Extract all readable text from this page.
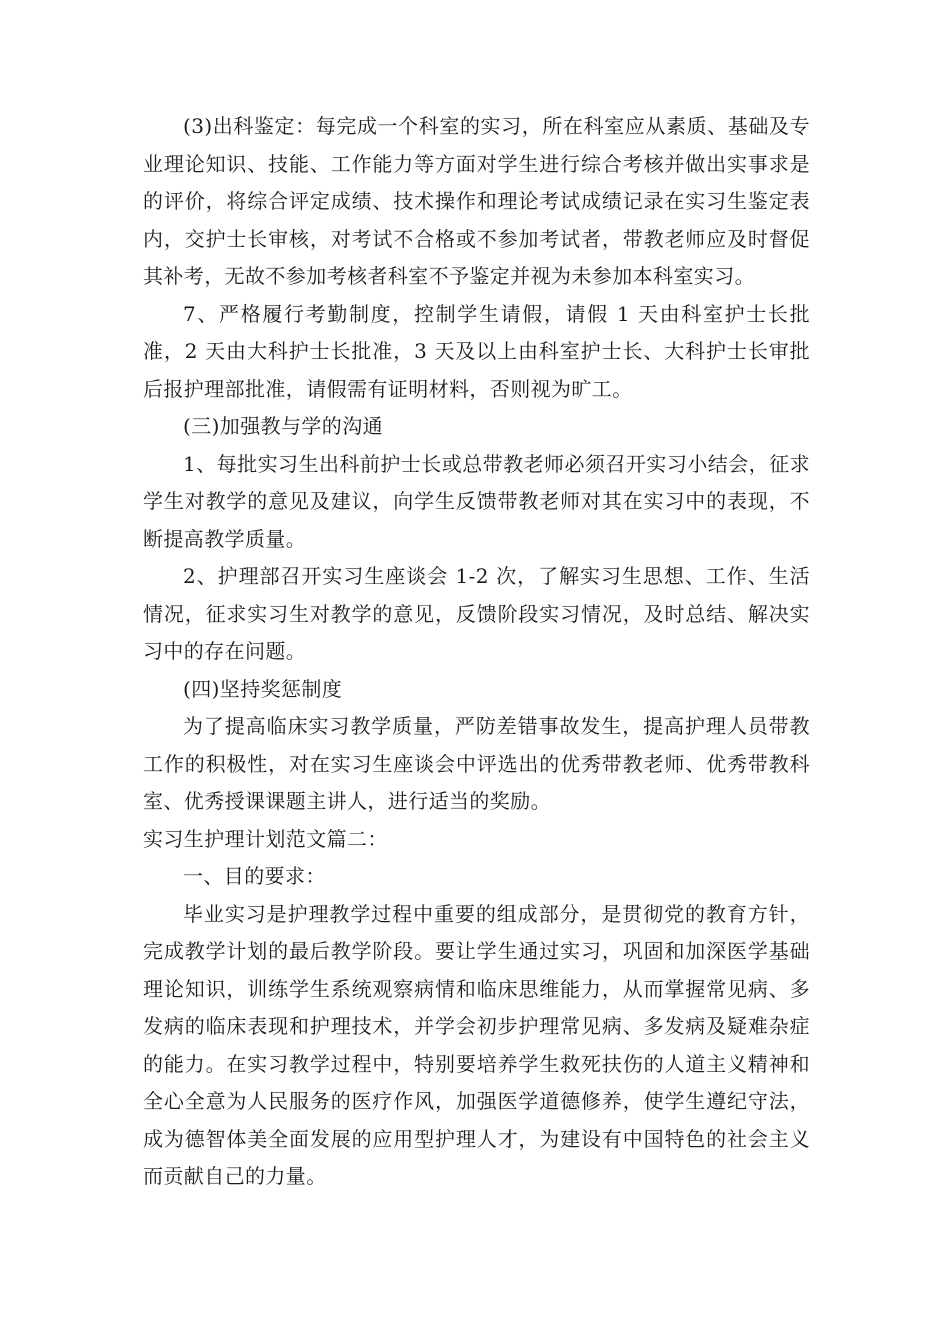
(3)出科鉴定：每完成一个科室的实习，所在科室应从素质、基础及专业理论知识、技能、工作能力等方面对学生进行综合考核并做出实事求是的评价，将综合评定成绩、技术操作和理论考试成绩记录在实习生鉴定表内，交护士长审核，对考试不合格或不参加考试者，带教老师应及时督促其补考，无故不参加考核者科室不予鉴定并视为未参加本科室实习。

7、严格履行考勤制度，控制学生请假，请假 1 天由科室护士长批准，2 天由大科护士长批准，3 天及以上由科室护士长、大科护士长审批后报护理部批准，请假需有证明材料，否则视为旷工。

(三)加强教与学的沟通

1、每批实习生出科前护士长或总带教老师必须召开实习小结会，征求学生对教学的意见及建议，向学生反馈带教老师对其在实习中的表现，不断提高教学质量。

2、护理部召开实习生座谈会 1-2 次，了解实习生思想、工作、生活情况，征求实习生对教学的意见，反馈阶段实习情况，及时总结、解决实习中的存在问题。

(四)坚持奖惩制度

为了提高临床实习教学质量，严防差错事故发生，提高护理人员带教工作的积极性，对在实习生座谈会中评选出的优秀带教老师、优秀带教科室、优秀授课课题主讲人，进行适当的奖励。

实习生护理计划范文篇二：

一、目的要求：

毕业实习是护理教学过程中重要的组成部分，是贯彻党的教育方针，完成教学计划的最后教学阶段。要让学生通过实习，巩固和加深医学基础理论知识，训练学生系统观察病情和临床思维能力，从而掌握常见病、多发病的临床表现和护理技术，并学会初步护理常见病、多发病及疑难杂症的能力。在实习教学过程中，特别要培养学生救死扶伤的人道主义精神和全心全意为人民服务的医疗作风，加强医学道德修养，使学生遵纪守法，成为德智体美全面发展的应用型护理人才，为建设有中国特色的社会主义而贡献自己的力量。
